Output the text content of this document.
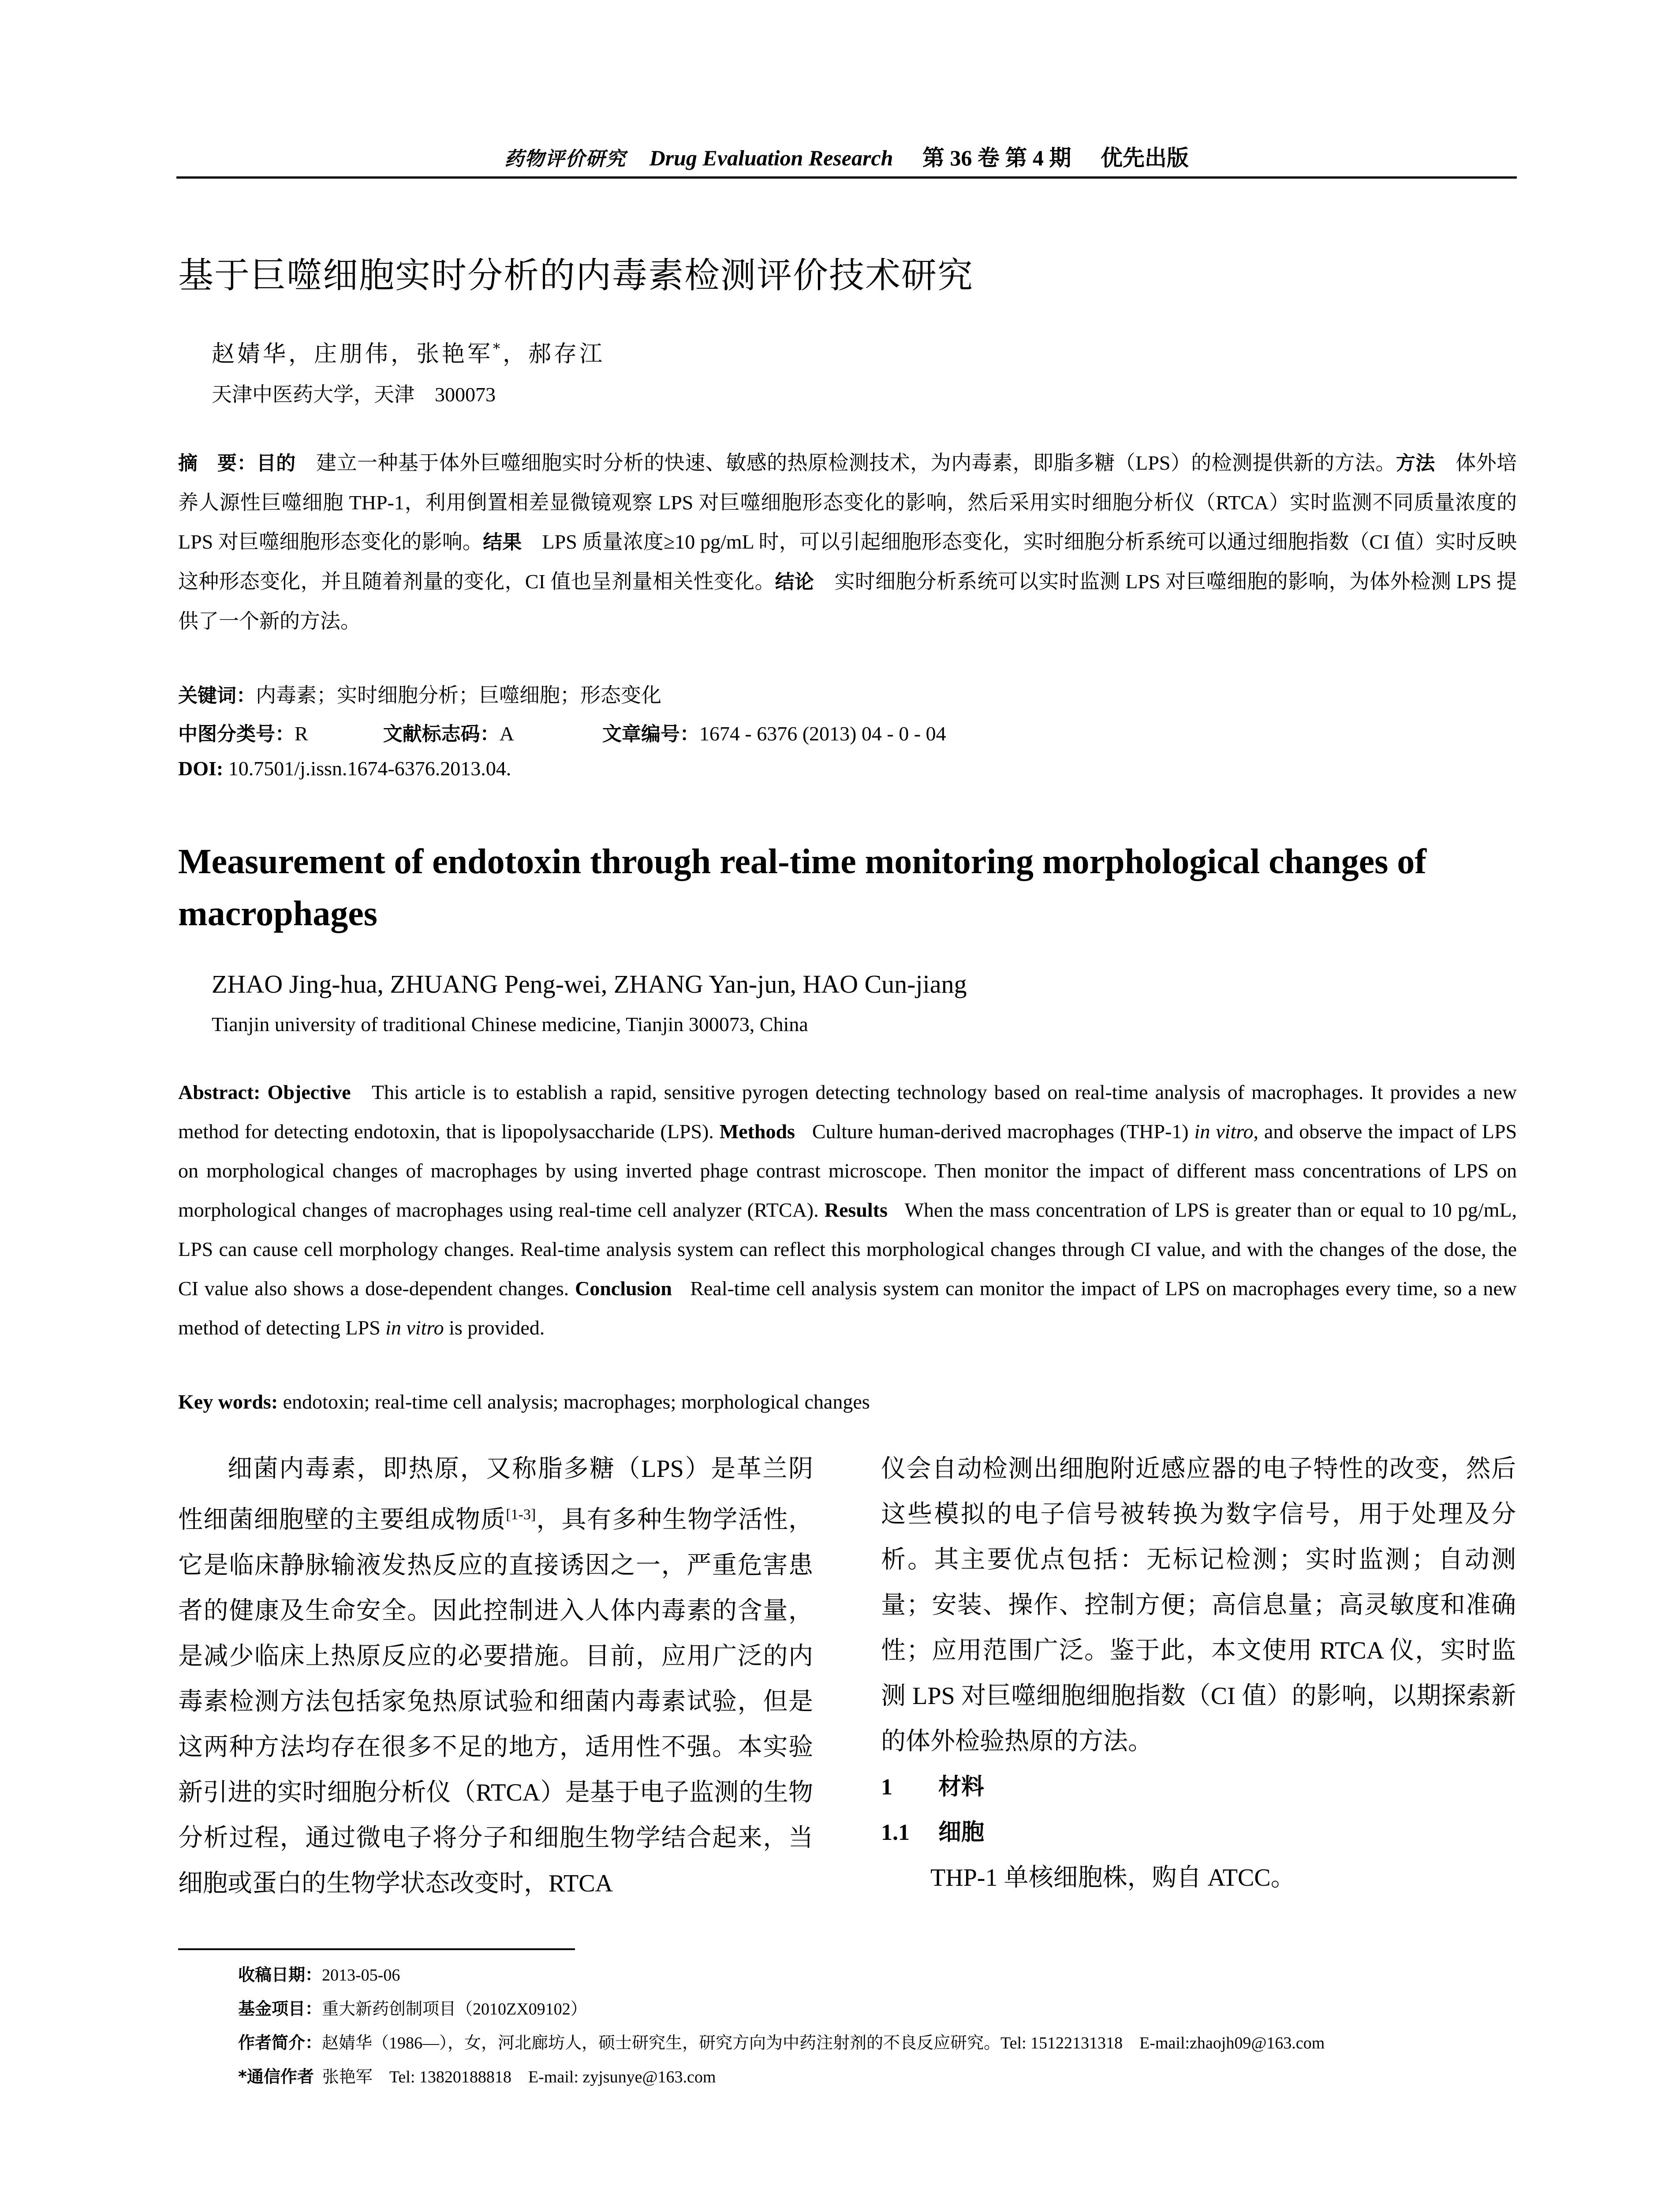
药物评价研究 Drug Evaluation Research 第 36 卷 第 4 期 优先出版
基于巨噬细胞实时分析的内毒素检测评价技术研究
赵婧华，庄朋伟，张艳军*，郝存江
天津中医药大学，天津    300073
摘　要：目的 建立一种基于体外巨噬细胞实时分析的快速、敏感的热原检测技术，为内毒素，即脂多糖（LPS）的检测提供新的方法。方法 体外培养人源性巨噬细胞 THP-1，利用倒置相差显微镜观察 LPS 对巨噬细胞形态变化的影响，然后采用实时细胞分析仪（RTCA）实时监测不同质量浓度的 LPS 对巨噬细胞形态变化的影响。结果 LPS 质量浓度≥10 pg/mL 时，可以引起细胞形态变化，实时细胞分析系统可以通过细胞指数（CI 值）实时反映这种形态变化，并且随着剂量的变化，CI 值也呈剂量相关性变化。结论 实时细胞分析系统可以实时监测 LPS 对巨噬细胞的影响，为体外检测 LPS 提供了一个新的方法。
关键词：内毒素；实时细胞分析；巨噬细胞；形态变化
中图分类号：R	文献标志码：A	文章编号：1674 - 6376 (2013) 04 - 0 - 04
DOI: 10.7501/j.issn.1674-6376.2013.04.
Measurement of endotoxin through real-time monitoring morphological changes of macrophages
ZHAO Jing-hua, ZHUANG Peng-wei, ZHANG Yan-jun, HAO Cun-jiang
Tianjin university of traditional Chinese medicine, Tianjin 300073, China
Abstract: Objective This article is to establish a rapid, sensitive pyrogen detecting technology based on real-time analysis of macrophages. It provides a new method for detecting endotoxin, that is lipopolysaccharide (LPS). Methods Culture human-derived macrophages (THP-1) in vitro, and observe the impact of LPS on morphological changes of macrophages by using inverted phage contrast microscope. Then monitor the impact of different mass concentrations of LPS on morphological changes of macrophages using real-time cell analyzer (RTCA). Results When the mass concentration of LPS is greater than or equal to 10 pg/mL, LPS can cause cell morphology changes. Real-time analysis system can reflect this morphological changes through CI value, and with the changes of the dose, the CI value also shows a dose-dependent changes. Conclusion Real-time cell analysis system can monitor the impact of LPS on macrophages every time, so a new method of detecting LPS in vitro is provided.
Key words: endotoxin; real-time cell analysis; macrophages; morphological changes

细菌内毒素，即热原，又称脂多糖（LPS）是革兰阴性细菌细胞壁的主要组成物质[1-3]，具有多种生物学活性，它是临床静脉输液发热反应的直接诱因之一，严重危害患者的健康及生命安全。因此控制进入人体内毒素的含量，是减少临床上热原反应的必要措施。目前，应用广泛的内毒素检测方法包括家兔热原试验和细菌内毒素试验，但是这两种方法均存在很多不足的地方，适用性不强。本实验新引进的实时细胞分析仪（RTCA）是基于电子监测的生物分析过程，通过微电子将分子和细胞生物学结合起来，当细胞或蛋白的生物学状态改变时，RTCA

仪会自动检测出细胞附近感应器的电子特性的改变，然后这些模拟的电子信号被转换为数字信号，用于处理及分析。其主要优点包括：无标记检测；实时监测；自动测量；安装、操作、控制方便；高信息量；高灵敏度和准确性；应用范围广泛。鉴于此，本文使用 RTCA 仪，实时监测 LPS 对巨噬细胞细胞指数（CI 值）的影响，以期探索新的体外检验热原的方法。

1 材料

1.1 细胞

THP-1 单核细胞株，购自 ATCC。

收稿日期：2013-05-06
基金项目：重大新药创制项目（2010ZX09102）
作者简介：赵婧华（1986—），女，河北廊坊人，硕士研究生，研究方向为中药注射剂的不良反应研究。Tel: 15122131318    E-mail:zhaojh09@163.com
*通信作者  张艳军    Tel: 13820188818    E-mail: zyjsunye@163.com
